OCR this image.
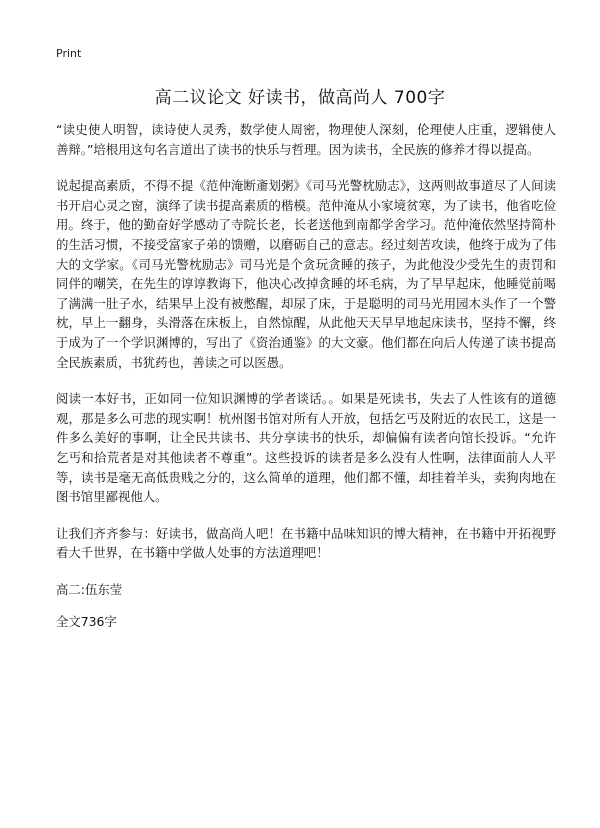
Print
高二议论文 好读书，做高尚人 700字

“读史使人明智，读诗使人灵秀，数学使人周密，物理使人深刻，伦理使人庄重，逻辑使人善辩。”培根用这句名言道出了读书的快乐与哲理。因为读书，全民族的修养才得以提高。

说起提高素质，不得不提《范仲淹断齑划粥》《司马光警枕励志》，这两则故事道尽了人间读书开启心灵之窗，演绎了读书提高素质的楷模。范仲淹从小家境贫寒，为了读书，他省吃俭用。终于，他的勤奋好学感动了寺院长老，长老送他到南都学舍学习。范仲淹依然坚持简朴的生活习惯，不接受富家子弟的馈赠，以磨砺自己的意志。经过刻苦攻读，他终于成为了伟大的文学家。《司马光警枕励志》司马光是个贪玩贪睡的孩子，为此他没少受先生的责罚和同伴的嘲笑，在先生的谆谆教诲下，他决心改掉贪睡的坏毛病，为了早早起床，他睡觉前喝了满满一肚子水，结果早上没有被憋醒，却尿了床，于是聪明的司马光用园木头作了一个警枕，早上一翻身，头滑落在床板上，自然惊醒，从此他天天早早地起床读书，坚持不懈，终于成为了一个学识渊博的，写出了《资治通鉴》的大文豪。他们都在向后人传递了读书提高全民族素质，书犹药也，善读之可以医愚。

阅读一本好书，正如同一位知识渊博的学者谈话。。如果是死读书，失去了人性该有的道德观，那是多么可悲的现实啊！杭州图书馆对所有人开放，包括乞丐及附近的农民工，这是一件多么美好的事啊，让全民共读书、共分享读书的快乐，却偏偏有读者向馆长投诉。“允许乞丐和拾荒者是对其他读者不尊重”。这些投诉的读者是多么没有人性啊，法律面前人人平等，读书是毫无高低贵贱之分的，这么简单的道理，他们都不懂，却挂着羊头，卖狗肉地在图书馆里鄙视他人。

让我们齐齐参与：好读书，做高尚人吧！在书籍中品味知识的博大精神，在书籍中开拓视野看大千世界，在书籍中学做人处事的方法道理吧！

高二:伍东莹
全文736字
